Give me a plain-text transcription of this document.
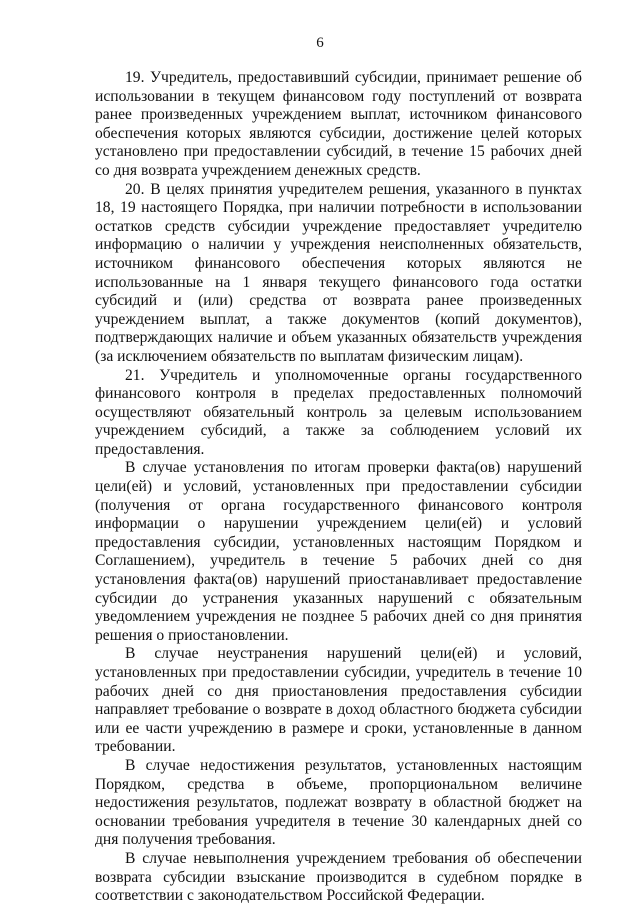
6

19. Учредитель, предоставивший субсидии, принимает решение об использовании в текущем финансовом году поступлений от возврата ранее произведенных учреждением выплат, источником финансового обеспечения которых являются субсидии, достижение целей которых установлено при предоставлении субсидий, в течение 15 рабочих дней со дня возврата учреждением денежных средств.

20. В целях принятия учредителем решения, указанного в пунктах 18, 19 настоящего Порядка, при наличии потребности в использовании остатков средств субсидии учреждение предоставляет учредителю информацию о наличии у учреждения неисполненных обязательств, источником финансового обеспечения которых являются не использованные на 1 января текущего финансового года остатки субсидий и (или) средства от возврата ранее произведенных учреждением выплат, а также документов (копий документов), подтверждающих наличие и объем указанных обязательств учреждения (за исключением обязательств по выплатам физическим лицам).

21. Учредитель и уполномоченные органы государственного финансового контроля в пределах предоставленных полномочий осуществляют обязательный контроль за целевым использованием учреждением субсидий, а также за соблюдением условий их предоставления.

В случае установления по итогам проверки факта(ов) нарушений цели(ей) и условий, установленных при предоставлении субсидии (получения от органа государственного финансового контроля информации о нарушении учреждением цели(ей) и условий предоставления субсидии, установленных настоящим Порядком и Соглашением), учредитель в течение 5 рабочих дней со дня установления факта(ов) нарушений приостанавливает предоставление субсидии до устранения указанных нарушений с обязательным уведомлением учреждения не позднее 5 рабочих дней со дня принятия решения о приостановлении.

В случае неустранения нарушений цели(ей) и условий, установленных при предоставлении субсидии, учредитель в течение 10 рабочих дней со дня приостановления предоставления субсидии направляет требование о возврате в доход областного бюджета субсидии или ее части учреждению в размере и сроки, установленные в данном требовании.

В случае недостижения результатов, установленных настоящим Порядком, средства в объеме, пропорциональном величине недостижения результатов, подлежат возврату в областной бюджет на основании требования учредителя в течение 30 календарных дней со дня получения требования.

В случае невыполнения учреждением требования об обеспечении возврата субсидии взыскание производится в судебном порядке в соответствии с законодательством Российской Федерации.
